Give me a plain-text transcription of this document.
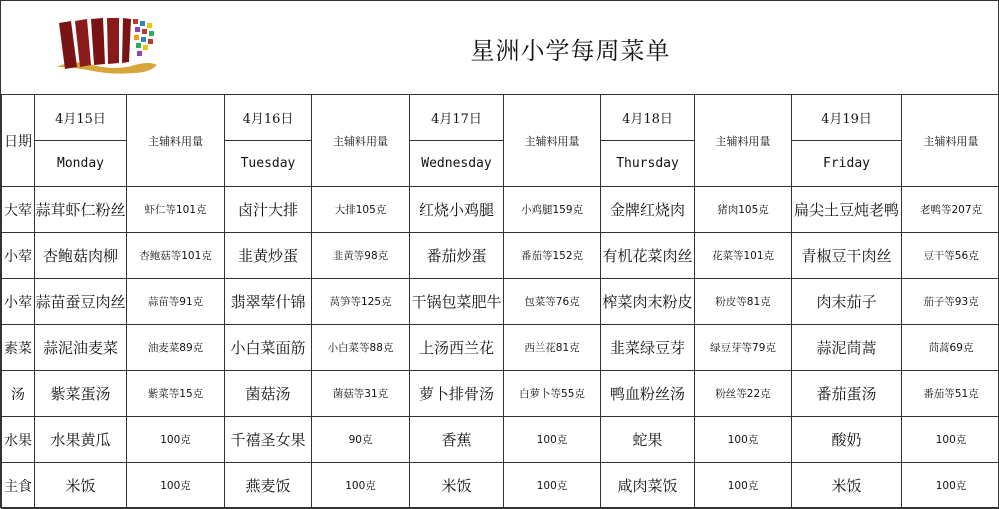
星洲小学每周菜单
日期	4月15日	主辅料用量	4月16日	主辅料用量	4月17日	主辅料用量	4月18日	主辅料用量	4月19日	主辅料用量
	Monday		Tuesday		Wednesday		Thursday		Friday	
大荤	蒜茸虾仁粉丝	虾仁等101克	卤汁大排	大排105克	红烧小鸡腿	小鸡腿159克	金牌红烧肉	猪肉105克	扁尖土豆炖老鸭	老鸭等207克
小荤	杏鲍菇肉柳	杏鲍菇等101克	韭黄炒蛋	韭黄等98克	番茄炒蛋	番茄等152克	有机花菜肉丝	花菜等101克	青椒豆干肉丝	豆干等56克
小荤	蒜苗蚕豆肉丝	蒜苗等91克	翡翠荤什锦	莴笋等125克	干锅包菜肥牛	包菜等76克	榨菜肉末粉皮	粉皮等81克	肉末茄子	茄子等93克
素菜	蒜泥油麦菜	油麦菜89克	小白菜面筋	小白菜等88克	上汤西兰花	西兰花81克	韭菜绿豆芽	绿豆芽等79克	蒜泥茼蒿	茼蒿69克
汤	紫菜蛋汤	紫菜等15克	菌菇汤	菌菇等31克	萝卜排骨汤	白萝卜等55克	鸭血粉丝汤	粉丝等22克	番茄蛋汤	番茄等51克
水果	水果黄瓜	100克	千禧圣女果	90克	香蕉	100克	蛇果	100克	酸奶	100克
主食	米饭	100克	燕麦饭	100克	米饭	100克	咸肉菜饭	100克	米饭	100克
